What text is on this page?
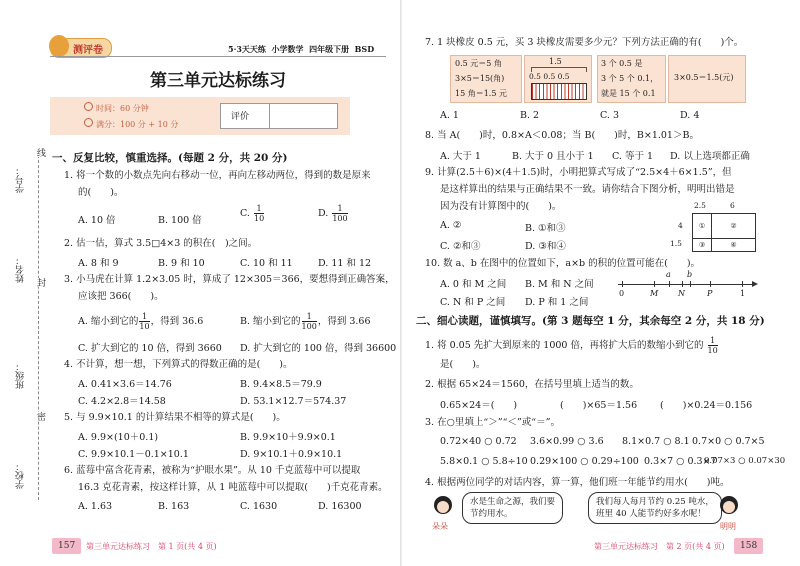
测评卷	5·3天天练 小学数学 四年级下册 BSD
第三单元达标练习
时间：60 分钟
满分：100 分 + 10 分
评价
学号：
线
姓名： 封
班级：
密
学校：
一、反复比较，慎重选择。(每题 2 分，共 20 分)
1. 将一个数的小数点先向右移动一位，再向左移动两位，得到的数是原来
的(　　)。
A. 10 倍	B. 100 倍
C. $\frac{1}{10}$	D. $\frac{1}{100}$
2. 估一估，算式 3.5□4×3 的积在(　)之间。
A. 8 和 9	B. 9 和 10	C. 10 和 11	D. 11 和 12
3. 小马虎在计算 1.2×3.05 时，算成了 12×305＝366，要想得到正确答案，
应该把 366(　　)。
A. 缩小到它的 $\frac{1}{10}$ ，得到 36.6	B. 缩小到它的 $\frac{1}{100}$ ，得到 3.66
C. 扩大到它的 10 倍，得到 3660 D. 扩大到它的 100 倍，得到 36600
4. 不计算，想一想，下列算式的得数正确的是(　　)。
A. 0.41×3.6＝14.76	B. 9.4×8.5＝79.9
C. 4.2×2.8＝14.58	D. 53.1×12.7＝574.37
5. 与 9.9×10.1 的计算结果不相等的算式是(　　)。
A. 9.9×(10＋0.1)	B. 9.9×10＋9.9×0.1
C. 9.9×10.1－0.1×10.1	D. 9×10.1＋0.9×10.1
6. 蓝莓中富含花青素，被称为“护眼水果”。从 10 千克蓝莓中可以提取
16.3 克花青素，按这样计算，从 1 吨蓝莓中可以提取(　　)千克花青素。
A. 1.63	B. 163	C. 1630	D. 16300
157	第三单元达标练习　第 1 页(共 4 页)
7. 1 块橡皮 0.5 元，买 3 块橡皮需要多少元？下列方法正确的有(　　)个。
0.5 元＝5 角
3×5＝15(角)
15 角＝1.5 元
1.5
0.5 0.5 0.5
3 个 0.5 是
3 个 5 个 0.1，
就是 15 个 0.1
3×0.5＝1.5(元)
A. 1	B. 2	C. 3	D. 4
8. 当 A(　　)时，0.8×A＜0.08；当 B(　　)时，B×1.01＞B。
A. 大于 1	B. 大于 0 且小于 1 C. 等于 1 D. 以上选项都正确
9. 计算(2.5＋6)×(4＋1.5)时，小明把算式写成了“2.5×4＋6×1.5”，但
是这样算出的结果与正确结果不一致。请你结合下图分析，明明出错是
因为没有计算图中的(　　)。
A. ②	B. ①和③
C. ②和③	D. ③和④
2.5	6
4
1.5
①	②
③	④
10. 数 a、b 在图中的位置如下，a×b 的积的位置可能在(　　)。
A. 0 和 M 之间 B. M 和 N 之间
C. N 和 P 之间 D. P 和 1 之间
a b
0	M N	P	1
二、细心读题，谨慎填写。(第 3 题每空 1 分，其余每空 2 分，共 18 分)
1. 将 0.05 先扩大到原来的 1000 倍，再将扩大后的数缩小到它的 $\frac{1}{10}$
是(　　)。
2. 根据 65×24＝1560，在括号里填上适当的数。
0.65×24＝(　　)	(　　)×65＝1.56 (　　)×0.24＝0.156
3. 在○里填上“＞”“＜”或“＝”。
0.72×40 ○ 0.72 3.6×0.99 ○ 3.6 8.1×0.7 ○ 8.1 0.7×0 ○ 0.7×5
5.8×0.1 ○ 5.8÷10 0.29×100 ○ 0.29÷100 0.3×7 ○ 0.3×7
0.07×3 ○ 0.07×30
4. 根据两位同学的对话内容，算一算，他们班一年能节约用水(　　)吨。
朵朵
水是生命之源，我们要
节约用水。
我们每人每月节约 0.25 吨水，
班里 40 人能节约好多水呢！
明明
第三单元达标练习　第 2 页(共 4 页)	158
